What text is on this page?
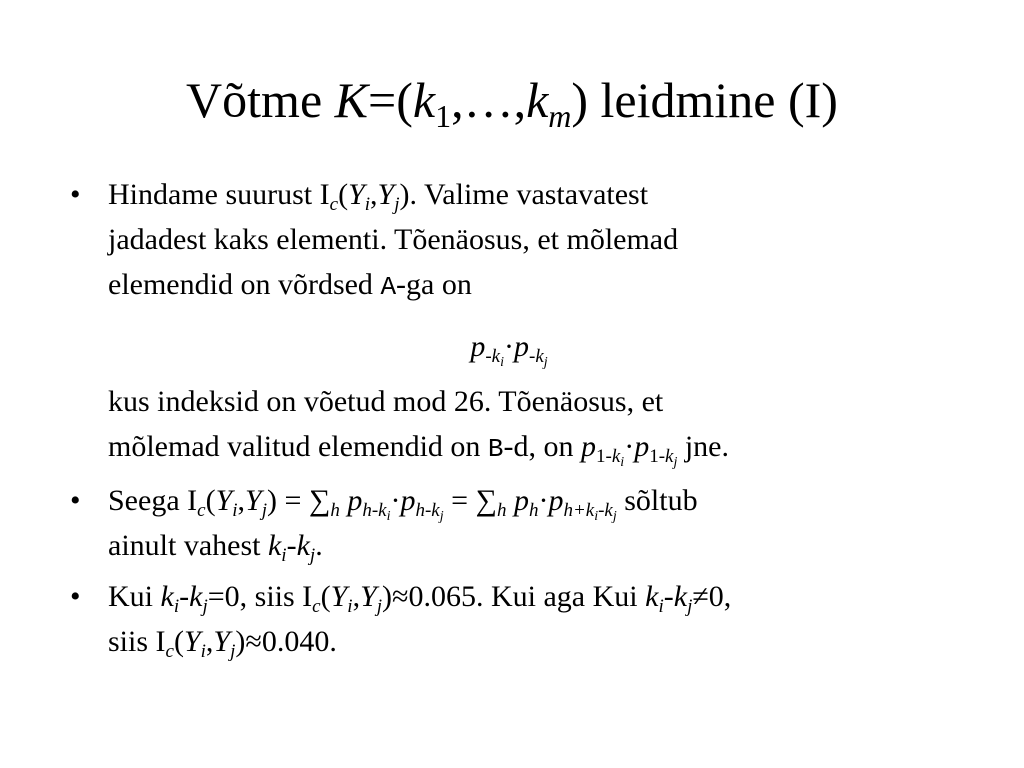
Võtme $K=(k_1,\dots,k_m)$ leidmine (I)
• Hindame suurust $I_c(Y_i,Y_j)$. Valime vastavatest
jadadest kaks elementi. Tõenäosus, et mõlemad
elemendid on võrdsed A-ga on
$p_{-k_i}\cdot p_{-k_j}$
kus indeksid on võetud mod 26. Tõenäosus, et
mõlemad valitud elemendid on B-d, on $p_{1-k_i}\cdot p_{1-k_j}$ jne.
• Seega $I_c(Y_i,Y_j) = \sum_h$ $p_{h-k_i}\cdot p_{h-k_j} = \sum_h$ $p_h\cdot p_{h+k_i-k_j}$ sõltub
ainult vahest $k_i-k_j$.
• Kui $k_i-k_j=0$, siis $I_c(Y_i,Y_j)\approx 0.065$. Kui aga Kui $k_i-k_j\ne 0$,
siis $I_c(Y_i,Y_j)\approx 0.040$.
